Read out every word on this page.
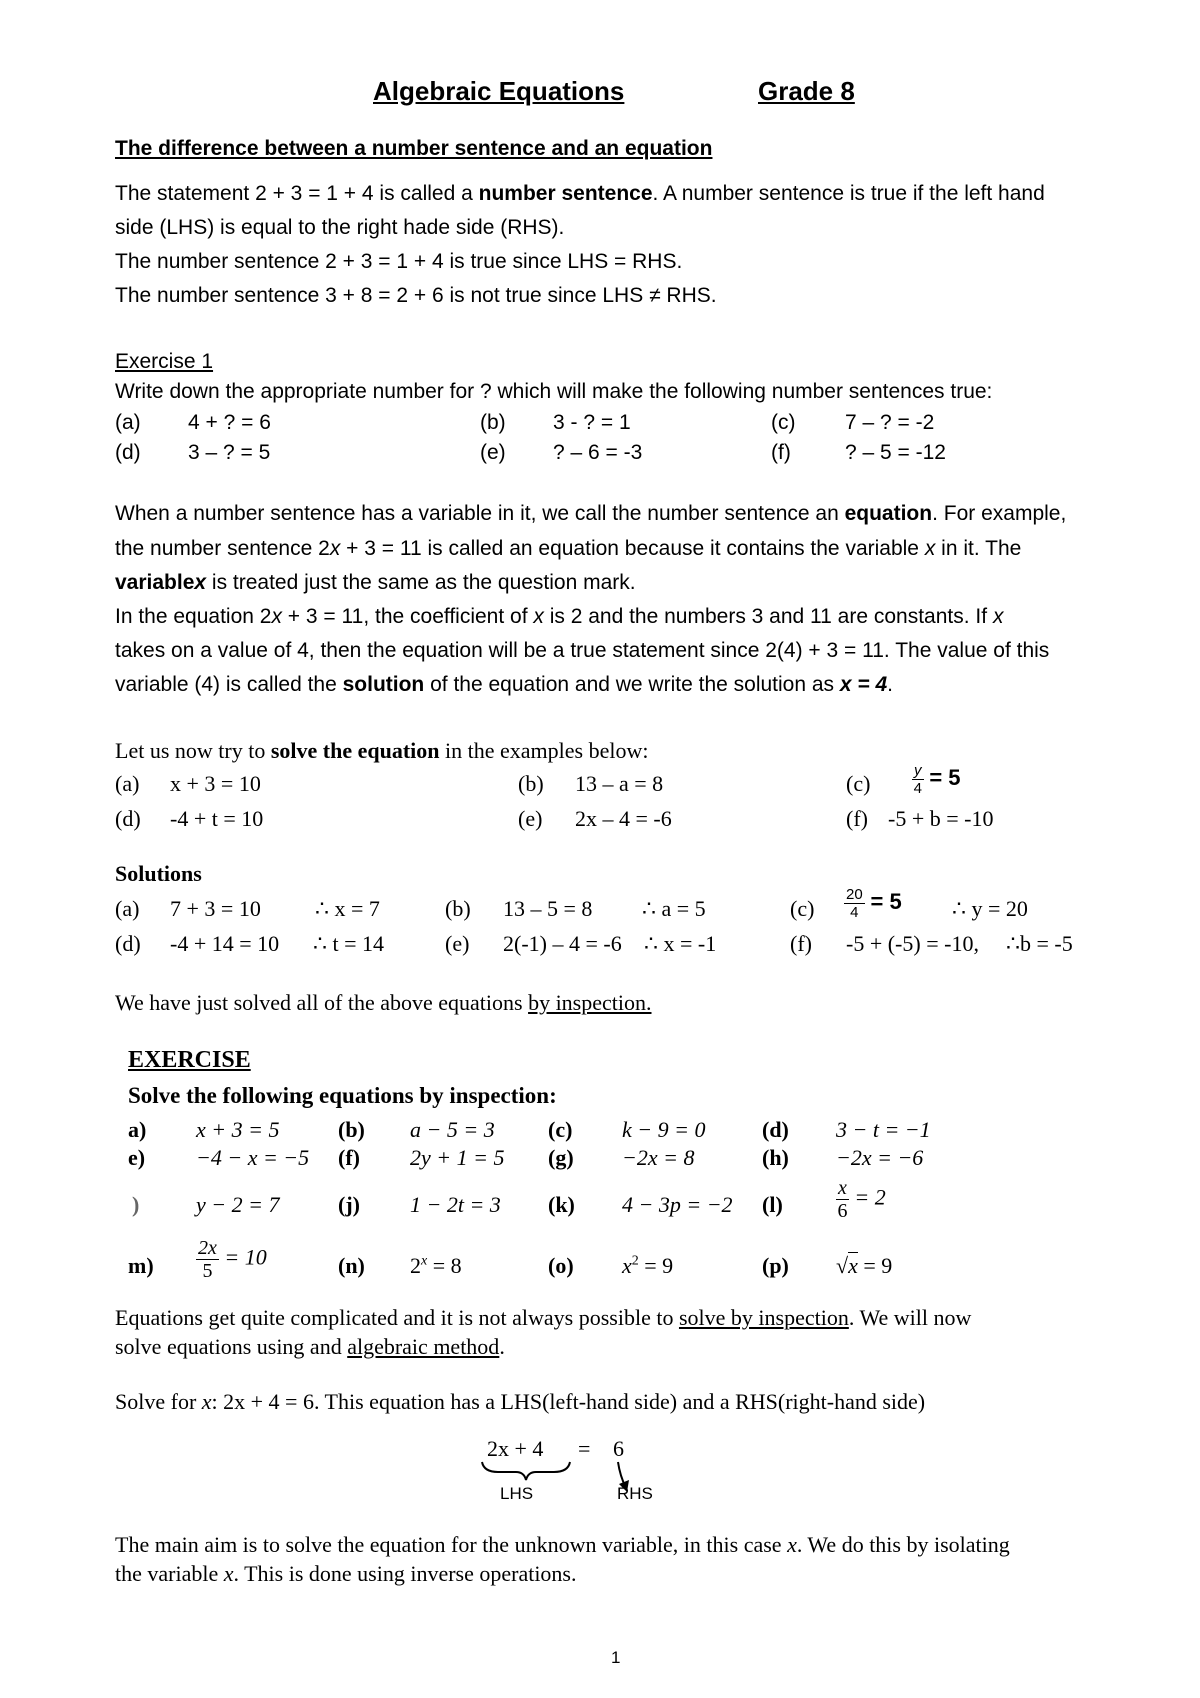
Algebraic Equations	Grade 8
The difference between a number sentence and an equation
The statement 2 + 3 = 1 + 4 is called a number sentence. A number sentence is true if the left hand
side (LHS) is equal to the right hade side (RHS).
The number sentence 2 + 3 = 1 + 4 is true since LHS = RHS.
The number sentence 3 + 8 = 2 + 6 is not true since LHS ≠ RHS.
Exercise 1
Write down the appropriate number for ? which will make the following number sentences true:
(a) 4 + ? = 6	(b) 3 - ? = 1	(c) 7 – ? = -2
(d) 3 – ? = 5	(e) ? – 6 = -3	(f)	? – 5 = -12
When a number sentence has a variable in it, we call the number sentence an equation. For example,
the number sentence 2x + 3 = 11 is called an equation because it contains the variable x in it. The
variablex is treated just the same as the question mark.
In the equation 2x + 3 = 11, the coefficient of x is 2 and the numbers 3 and 11 are constants. If x
takes on a value of 4, then the equation will be a true statement since 2(4) + 3 = 11. The value of this
variable (4) is called the solution of the equation and we write the solution as x = 4.
Let us now try to solve the equation in the examples below:
(a) x + 3 = 10	(b) 13 – a = 8	(c)	$\frac{y}{4} = 5$
(d) -4 + t = 10	(e) 2x – 4 = -6	(f) -5 + b = -10
Solutions
(a) 7 + 3 = 10 ∴ x = 7	(b) 13 – 5 = 8 ∴ a = 5	$(c) \frac{20}{4} = 5$ ∴ y = 20
(d) -4 + 14 = 10 ∴ t = 14	(e) 2(-1) – 4 = -6 ∴ x = -1	(f) -5 + (-5) = -10, ∴b = -5
We have just solved all of the above equations by inspection.
EXERCISE
Solve the following equations by inspection:
a) x + 3 = 5	(b) a − 5 = 3 (c) k − 9 = 0	(d) 3 − t = −1
e) −4 − x = −5 (f) 2y + 1 = 5 (g) −2x = 8	(h) −2x = −6
)	y − 2 = 7	(j) 1 − 2t = 3 (k) 4 − 3p = −2 (l)	$\frac{x}{6} = 2$
$m) \frac{2x}{5} = 10$	(n) $2^x = 8$	(o) $x^2 = 9$	(p) √x = 9
Equations get quite complicated and it is not always possible to solve by inspection. We will now
solve equations using and algebraic method.
Solve for x: 2x + 4 = 6. This equation has a LHS(left-hand side) and a RHS(right-hand side)
2x + 4 = 6
LHS	RHS
The main aim is to solve the equation for the unknown variable, in this case x. We do this by isolating
the variable x. This is done using inverse operations.
1
